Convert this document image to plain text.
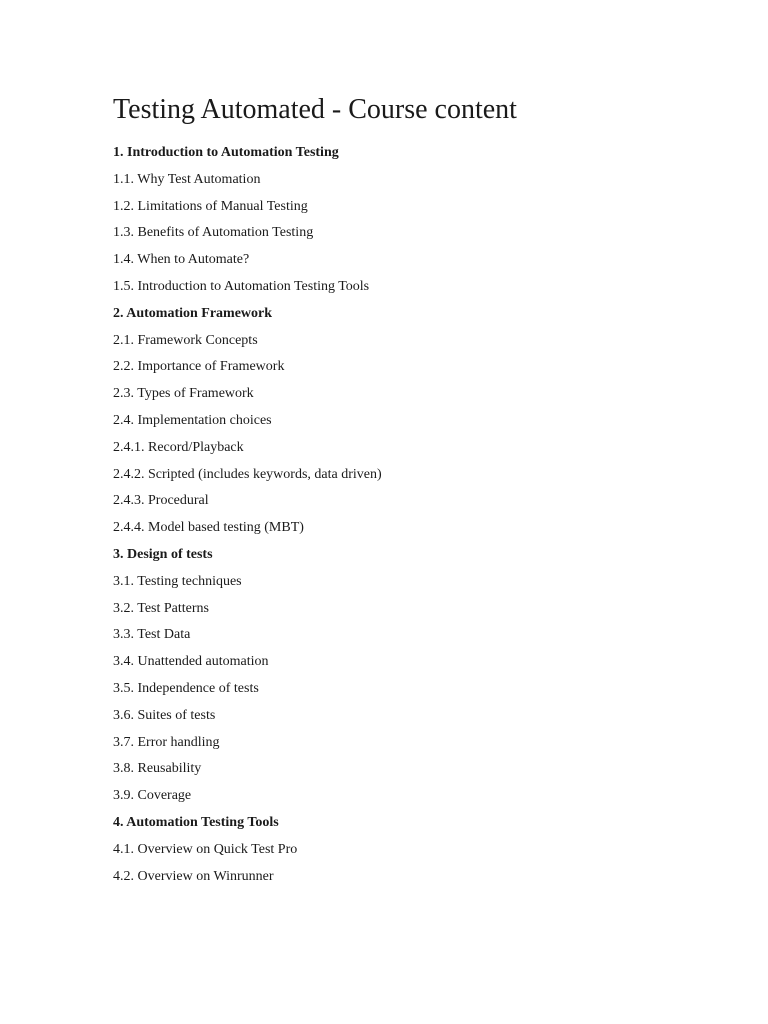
Testing Automated - Course content
1. Introduction to Automation Testing
1.1. Why Test Automation
1.2. Limitations of Manual Testing
1.3. Benefits of Automation Testing
1.4. When to Automate?
1.5. Introduction to Automation Testing Tools
2. Automation Framework
2.1. Framework Concepts
2.2. Importance of Framework
2.3. Types of Framework
2.4. Implementation choices
2.4.1. Record/Playback
2.4.2. Scripted (includes keywords, data driven)
2.4.3. Procedural
2.4.4. Model based testing (MBT)
3. Design of tests
3.1. Testing techniques
3.2. Test Patterns
3.3. Test Data
3.4. Unattended automation
3.5. Independence of tests
3.6. Suites of tests
3.7. Error handling
3.8. Reusability
3.9. Coverage
4. Automation Testing Tools
4.1. Overview on Quick Test Pro
4.2. Overview on Winrunner
